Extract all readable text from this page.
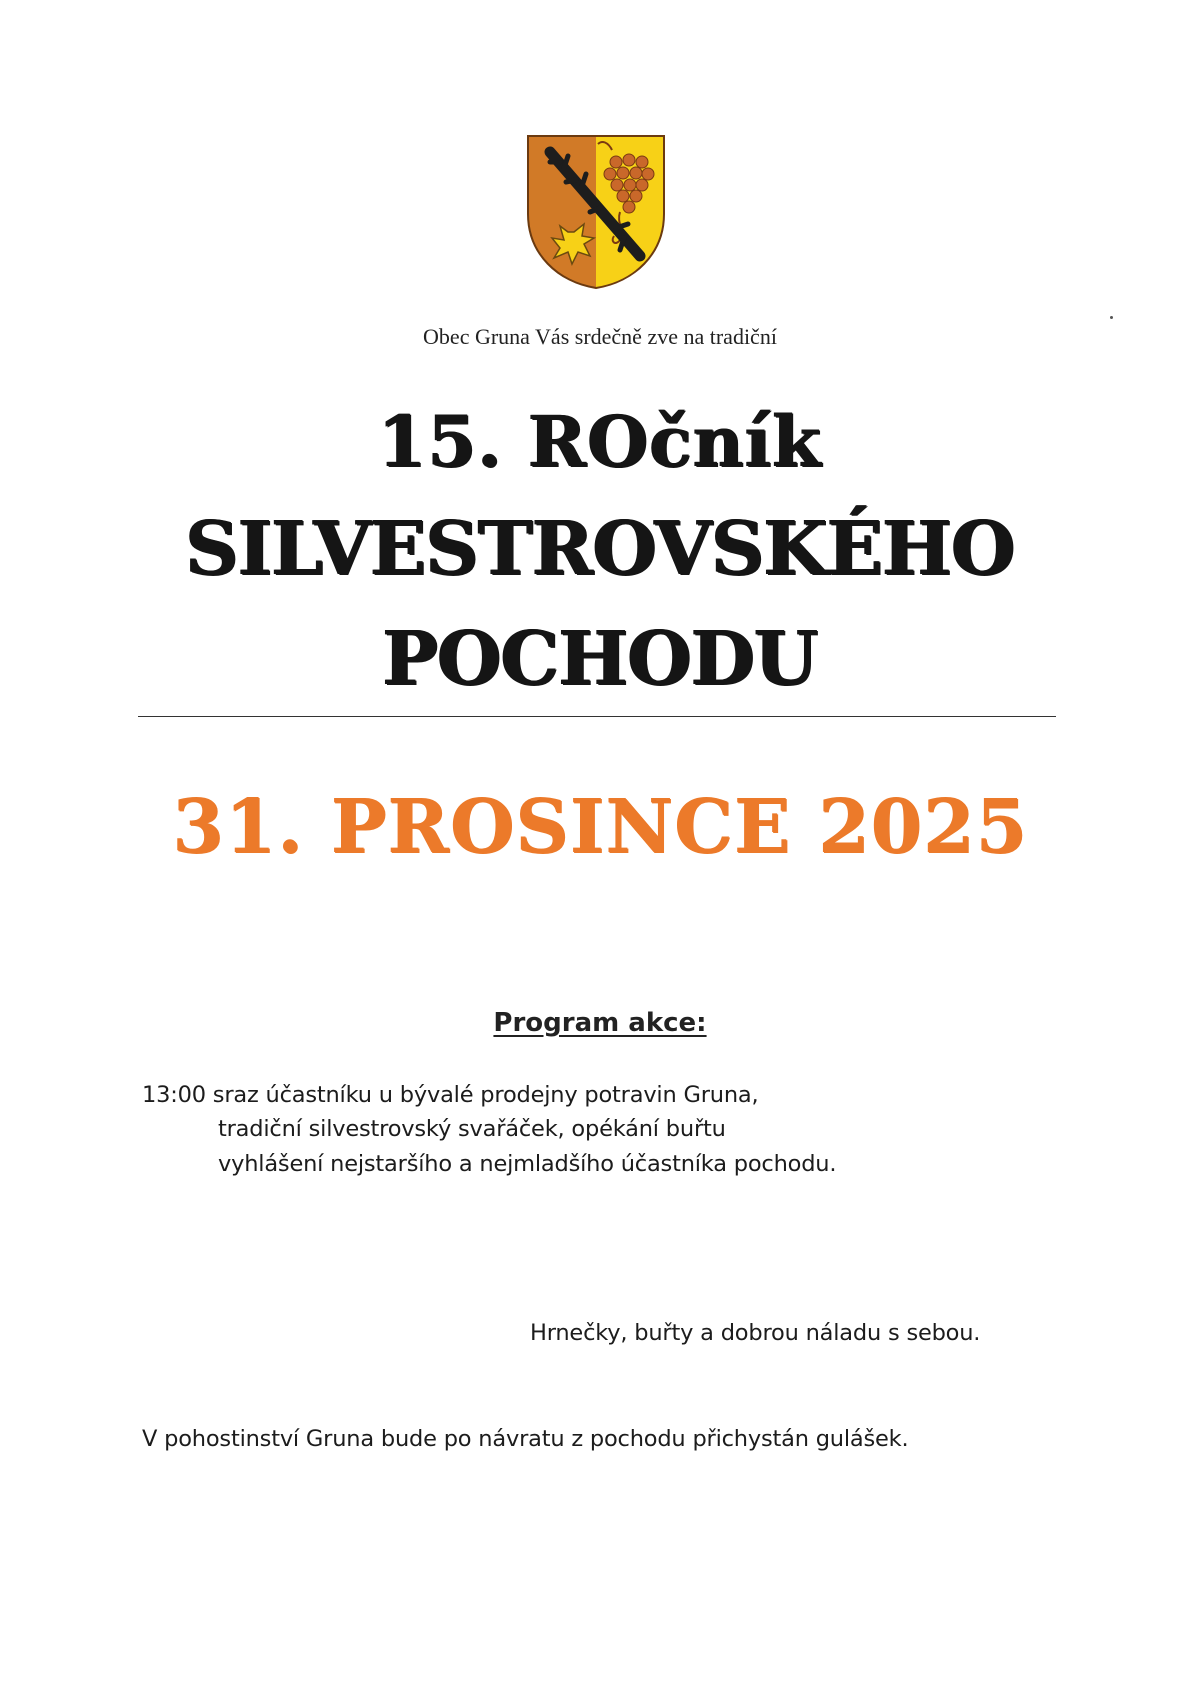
Obec Gruna Vás srdečně zve na tradiční
15. ROčník
SILVESTROVSKÉHO
POCHODU
31. PROSINCE 2025
Program akce:
13:00 sraz účastníku u bývalé prodejny potravin Gruna,
tradiční silvestrovský svařáček, opékání buřtu
vyhlášení nejstaršího a nejmladšího účastníka pochodu.
Hrnečky, buřty a dobrou náladu s sebou.
V pohostinství Gruna bude po návratu z pochodu přichystán gulášek.
